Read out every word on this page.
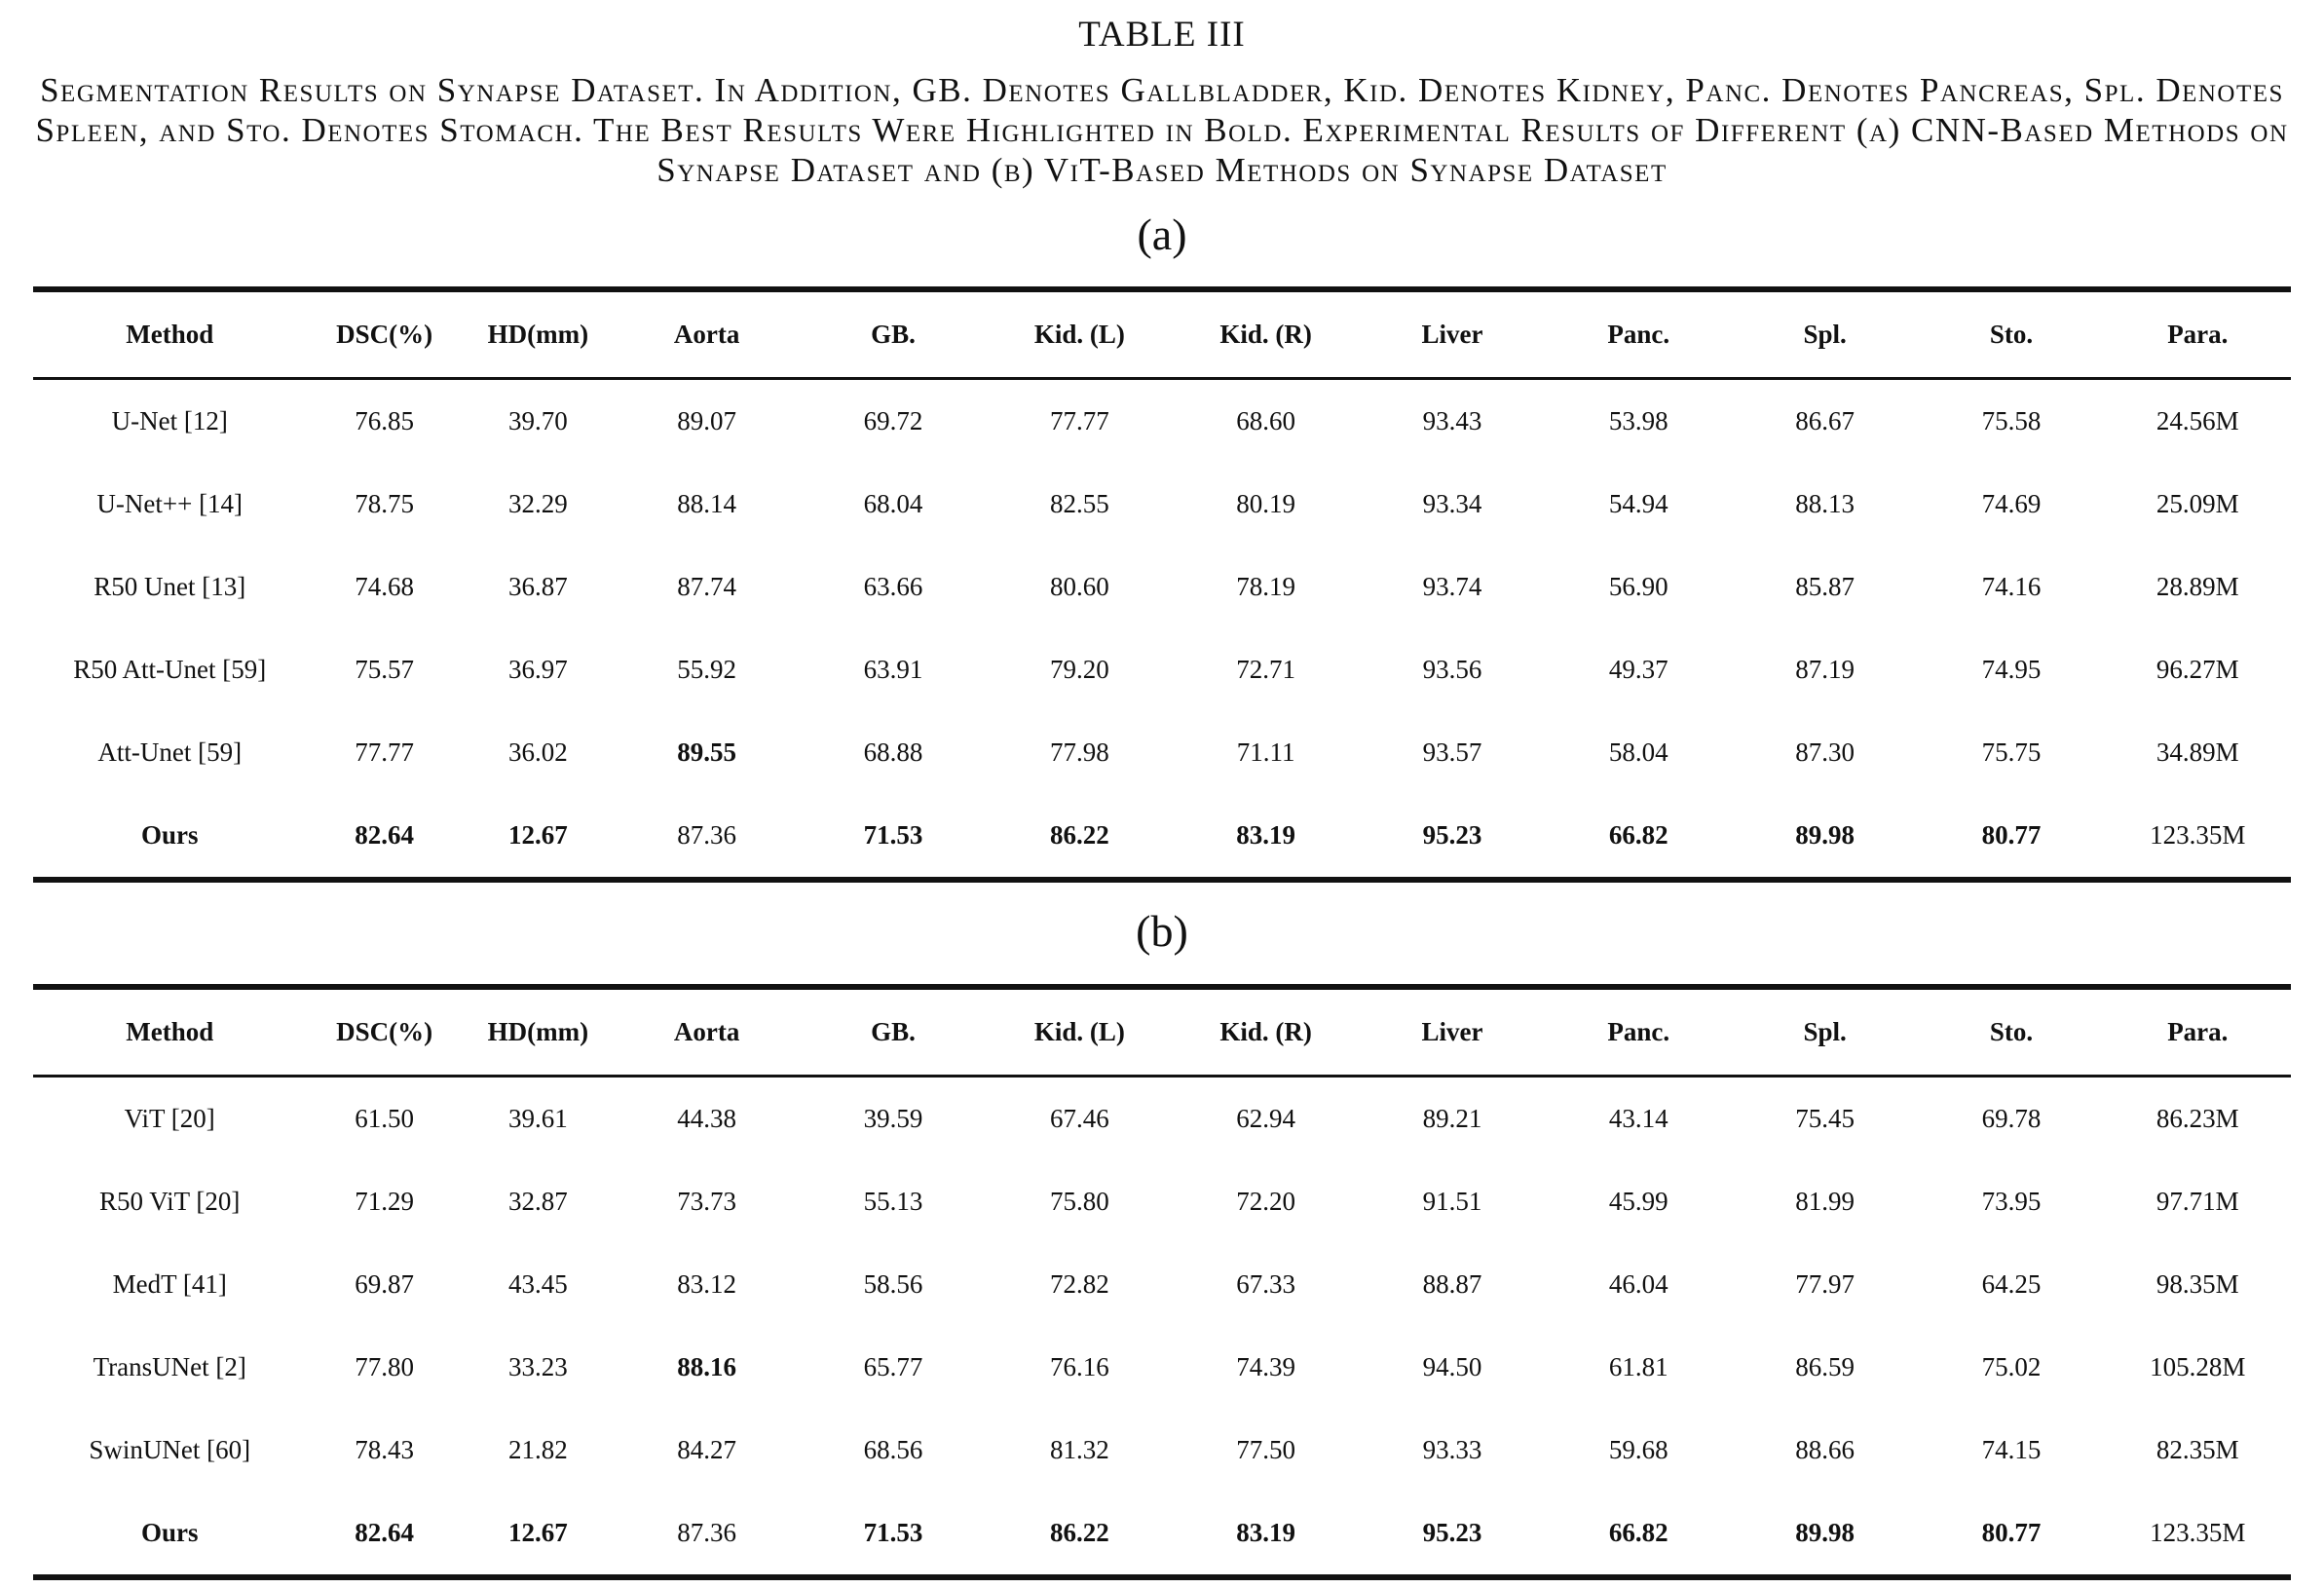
TABLE III
Segmentation Results on Synapse Dataset. In Addition, GB. Denotes Gallbladder, Kid. Denotes Kidney, Panc. Denotes Pancreas, Spl. Denotes Spleen, and Sto. Denotes Stomach. The Best Results Were Highlighted in Bold. Experimental Results of Different (a) CNN-Based Methods on Synapse Dataset and (b) ViT-Based Methods on Synapse Dataset
(a)
Method	DSC(%)	HD(mm)	Aorta	GB.	Kid. (L)	Kid. (R)	Liver	Panc.	Spl.	Sto.	Para.
U-Net [12]	76.85	39.70	89.07	69.72	77.77	68.60	93.43	53.98	86.67	75.58	24.56M
U-Net++ [14]	78.75	32.29	88.14	68.04	82.55	80.19	93.34	54.94	88.13	74.69	25.09M
R50 Unet [13]	74.68	36.87	87.74	63.66	80.60	78.19	93.74	56.90	85.87	74.16	28.89M
R50 Att-Unet [59]	75.57	36.97	55.92	63.91	79.20	72.71	93.56	49.37	87.19	74.95	96.27M
Att-Unet [59]	77.77	36.02	89.55	68.88	77.98	71.11	93.57	58.04	87.30	75.75	34.89M
Ours	82.64	12.67	87.36	71.53	86.22	83.19	95.23	66.82	89.98	80.77	123.35M
(b)
Method	DSC(%)	HD(mm)	Aorta	GB.	Kid. (L)	Kid. (R)	Liver	Panc.	Spl.	Sto.	Para.
ViT [20]	61.50	39.61	44.38	39.59	67.46	62.94	89.21	43.14	75.45	69.78	86.23M
R50 ViT [20]	71.29	32.87	73.73	55.13	75.80	72.20	91.51	45.99	81.99	73.95	97.71M
MedT [41]	69.87	43.45	83.12	58.56	72.82	67.33	88.87	46.04	77.97	64.25	98.35M
TransUNet [2]	77.80	33.23	88.16	65.77	76.16	74.39	94.50	61.81	86.59	75.02	105.28M
SwinUNet [60]	78.43	21.82	84.27	68.56	81.32	77.50	93.33	59.68	88.66	74.15	82.35M
Ours	82.64	12.67	87.36	71.53	86.22	83.19	95.23	66.82	89.98	80.77	123.35M
